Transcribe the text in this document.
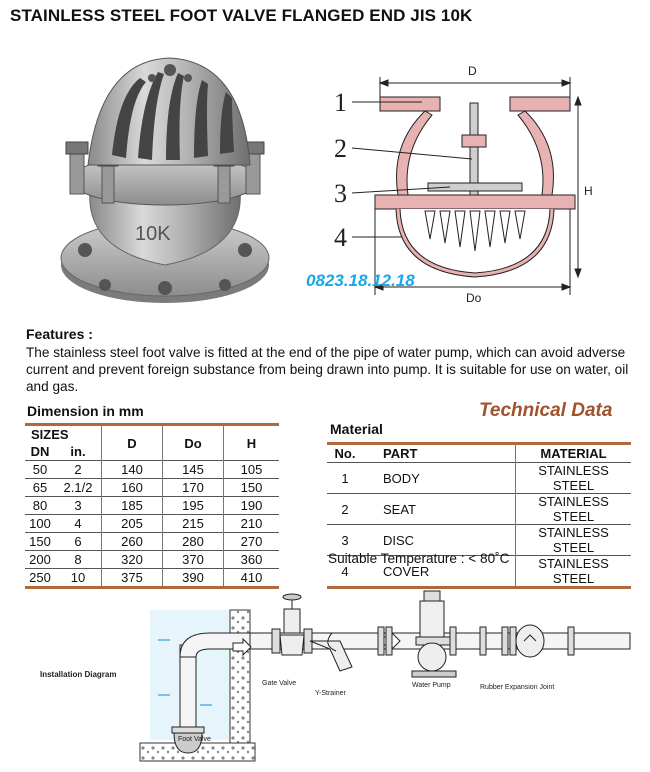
STAINLESS STEEL FOOT VALVE FLANGED END JIS 10K
10K
1
2
3
4
D
H
Do
0823.18.12.18
Features :
The stainless steel foot valve is fitted at the end of the pipe of water pump, which can avoid adverse current and prevent foreign substance from being drawn into pump. It is suitable for use on water, oil and gas.
Dimension in mm
SIZES		D	Do	H
DN	in.			
50	2	140	145	105
65	2.1/2	160	170	150
80	3	185	195	190
100	4	205	215	210
150	6	260	280	270
200	8	320	370	360
250	10	375	390	410
Technical Data
Material
No.	PART	MATERIAL
1	BODY	STAINLESS STEEL
2	SEAT	STAINLESS STEEL
3	DISC	STAINLESS STEEL
4	COVER	STAINLESS STEEL
Suitable Temperature : < 80˚C
Installation Diagram
Gate Valve
Y-Strainer
Water Pump	Rubber Expansion Joint
Foot Valve
